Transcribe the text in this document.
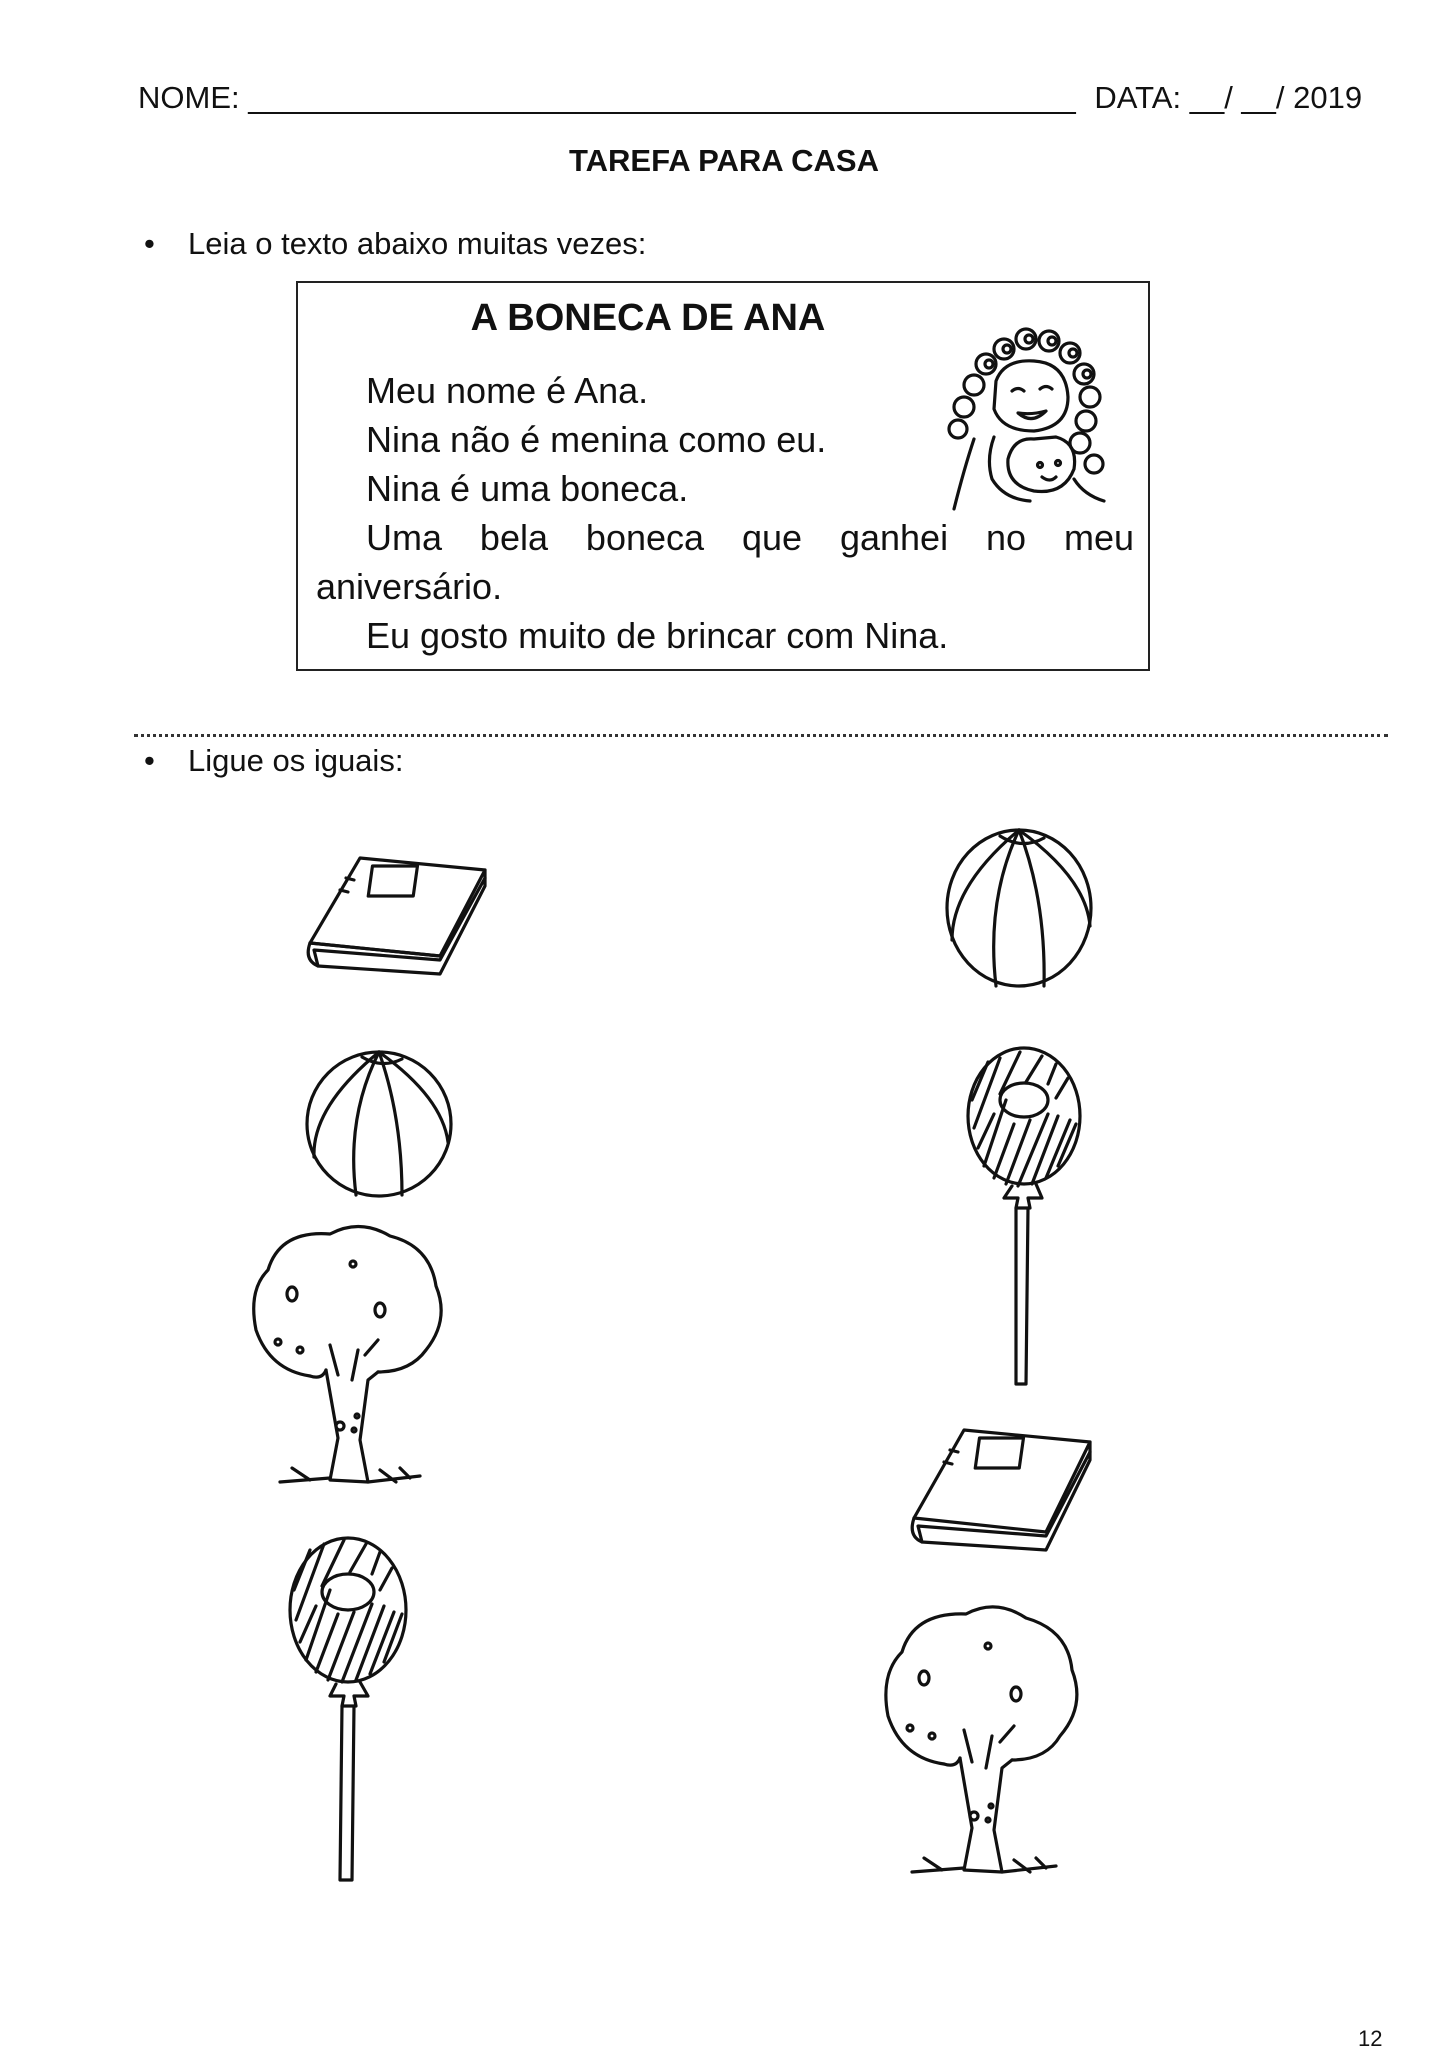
NOME: ________________________________________________ DATA: __/ __/ 2019
TAREFA PARA CASA
• Leia o texto abaixo muitas vezes:
A BONECA DE ANA
Meu nome é Ana.
Nina não é menina como eu.
Nina é uma boneca.
Uma bela boneca que ganhei no meu
aniversário.
Eu gosto muito de brincar com Nina.
• Ligue os iguais:
12
